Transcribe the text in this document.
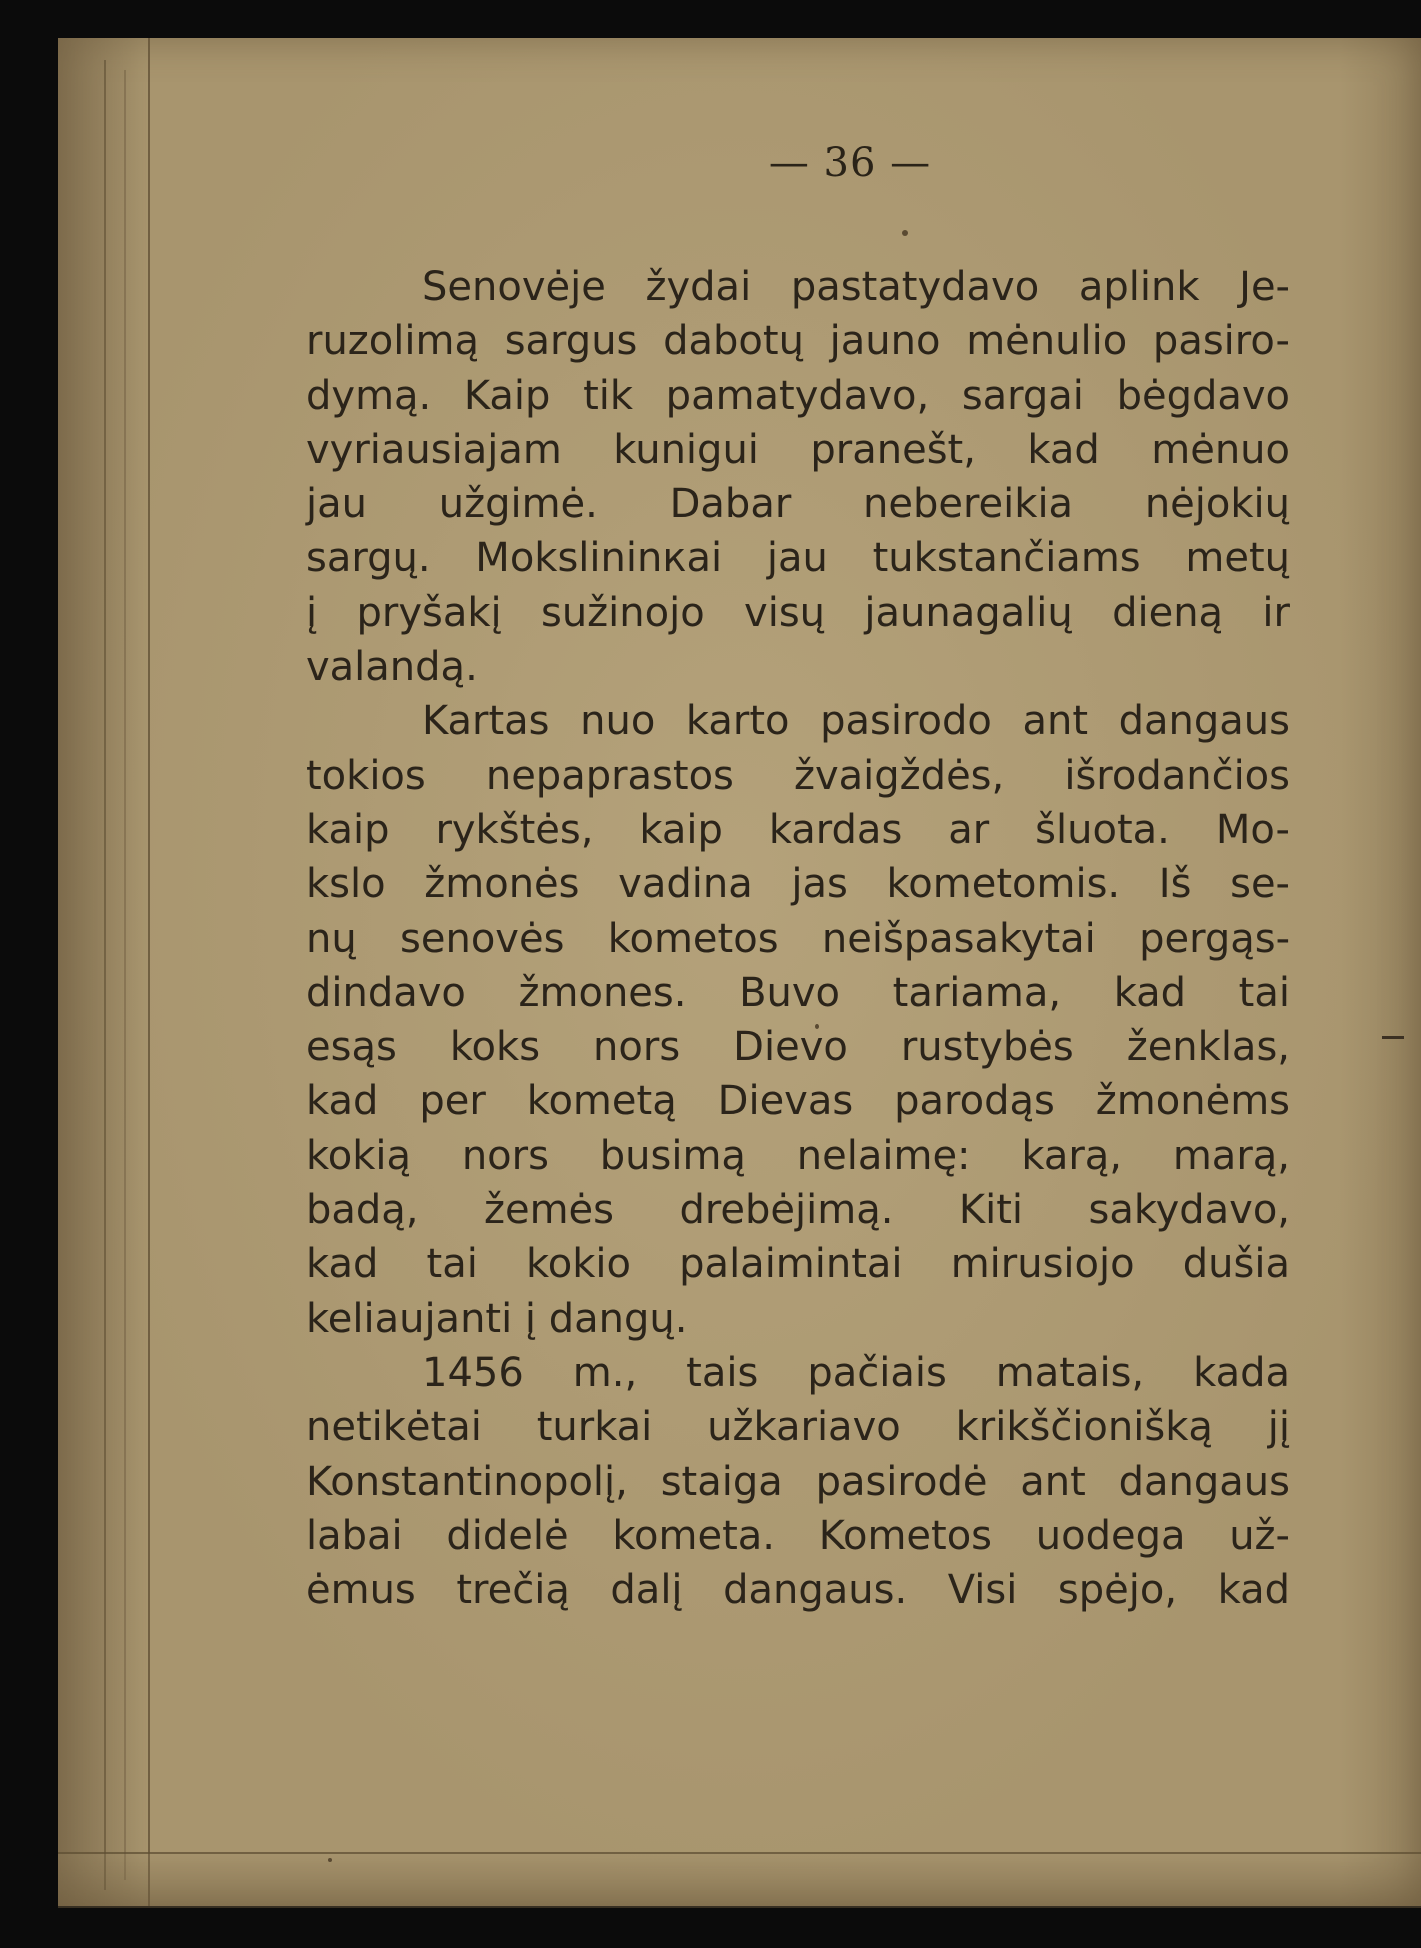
— 36 —
Senovėje žydai pastatydavo aplink Je-
ruzolimą sargus dabotų jauno mėnulio pasiro-
dymą. Kaip tik pamatydavo, sargai bėgdavo
vyriausiajam kunigui pranešt, kad mėnuo
jau užgimė. Dabar nebereikia nėjokių
sargų. Mokslininкai jau tukstančiams metų
į pryšakį sužinojo visų jaunagalių dieną ir
valandą.
Kartas nuo karto pasirodo ant dangaus
tokios nepaprastos žvaigždės, išrodančios
kaip rykštės, kaip kardas ar šluota. Mo-
kslo žmonės vadina jas kometomis. Iš se-
nų senovės kometos neišpasakytai pergąs-
dindavo žmones. Buvo tariama, kad tai
esąs koks nors Dievo rustybės ženklas,
kad per kometą Dievas parodąs žmonėms
kokią nors busimą nelaimę: karą, marą,
badą, žemės drebėjimą. Kiti sakydavo,
kad tai kokio palaimintai mirusiojo dušia
keliaujanti į dangų.
1456 m., tais pačiais matais, kada
netikėtai turkai užkariavo krikščionišką jį
Konstantinopolį, staiga pasirodė ant dangaus
labai didelė kometa. Kometos uodega už-
ėmus trečią dalį dangaus. Visi spėjo, kad
